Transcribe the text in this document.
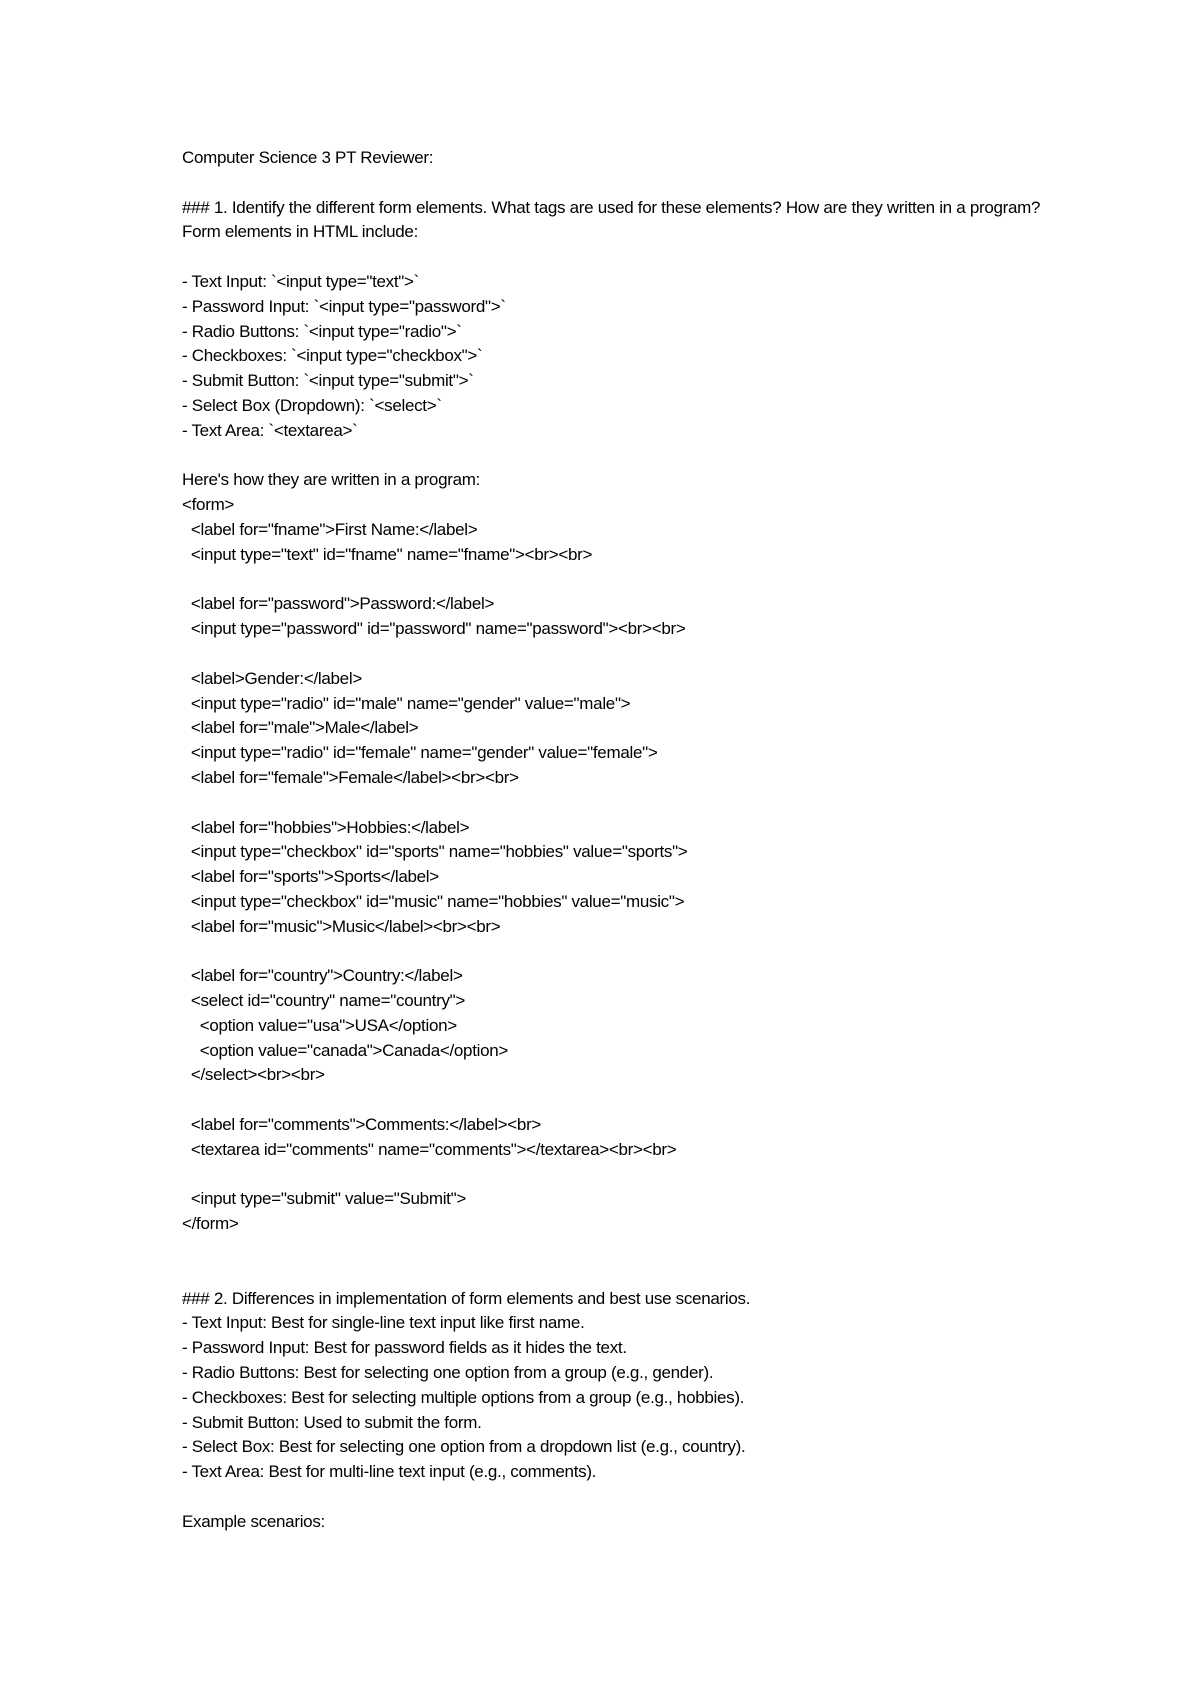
Computer Science 3 PT Reviewer:
### 1. Identify the different form elements. What tags are used for these elements? How are they written in a program?
Form elements in HTML include:
- Text Input: `<input type="text">`
- Password Input: `<input type="password">`
- Radio Buttons: `<input type="radio">`
- Checkboxes: `<input type="checkbox">`
- Submit Button: `<input type="submit">`
- Select Box (Dropdown): `<select>`
- Text Area: `<textarea>`
Here's how they are written in a program:
<form>
<label for="fname">First Name:</label>
<input type="text" id="fname" name="fname"><br><br>
<label for="password">Password:</label>
<input type="password" id="password" name="password"><br><br>
<label>Gender:</label>
<input type="radio" id="male" name="gender" value="male">
<label for="male">Male</label>
<input type="radio" id="female" name="gender" value="female">
<label for="female">Female</label><br><br>
<label for="hobbies">Hobbies:</label>
<input type="checkbox" id="sports" name="hobbies" value="sports">
<label for="sports">Sports</label>
<input type="checkbox" id="music" name="hobbies" value="music">
<label for="music">Music</label><br><br>
<label for="country">Country:</label>
<select id="country" name="country">
<option value="usa">USA</option>
<option value="canada">Canada</option>
</select><br><br>
<label for="comments">Comments:</label><br>
<textarea id="comments" name="comments"></textarea><br><br>
<input type="submit" value="Submit">
</form>
### 2. Differences in implementation of form elements and best use scenarios.
- Text Input: Best for single-line text input like first name.
- Password Input: Best for password fields as it hides the text.
- Radio Buttons: Best for selecting one option from a group (e.g., gender).
- Checkboxes: Best for selecting multiple options from a group (e.g., hobbies).
- Submit Button: Used to submit the form.
- Select Box: Best for selecting one option from a dropdown list (e.g., country).
- Text Area: Best for multi-line text input (e.g., comments).
Example scenarios:
